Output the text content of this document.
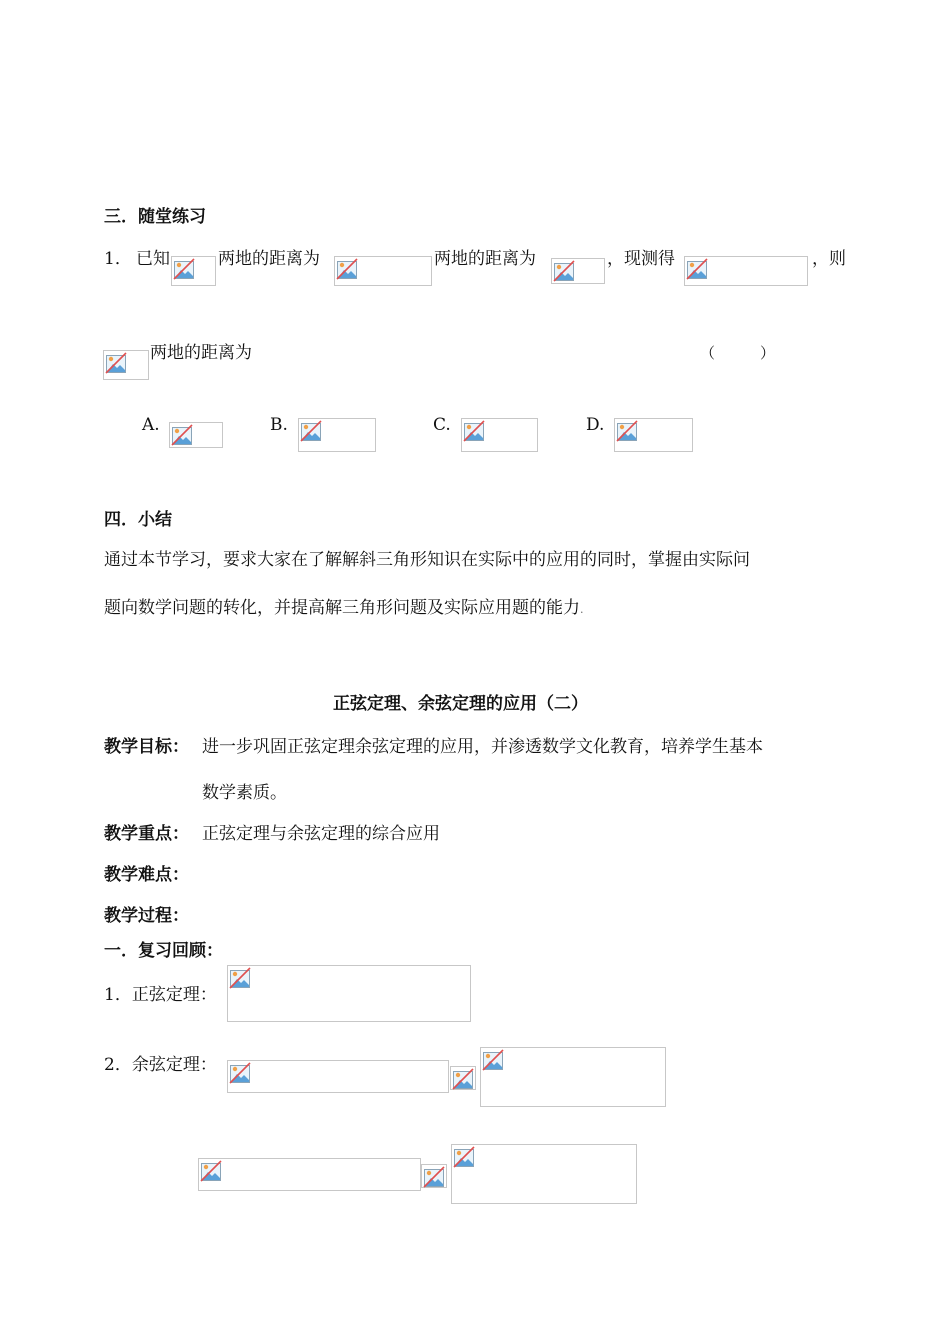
三．随堂练习
1． 已知	两地的距离为	两地的距离为	，现测得	，则
两地的距离为	（　　　）
A.	B.	C.	D.
四．小结
通过本节学习，要求大家在了解解斜三角形知识在实际中的应用的同时，掌握由实际问
题向数学问题的转化，并提高解三角形问题及实际应用题的能力.
正弦定理、余弦定理的应用（二）
教学目标： 进一步巩固正弦定理余弦定理的应用，并渗透数学文化教育，培养学生基本
数学素质。
教学重点： 正弦定理与余弦定理的综合应用
教学难点：
教学过程：
一．复习回顾：
1．正弦定理：
2．余弦定理：
